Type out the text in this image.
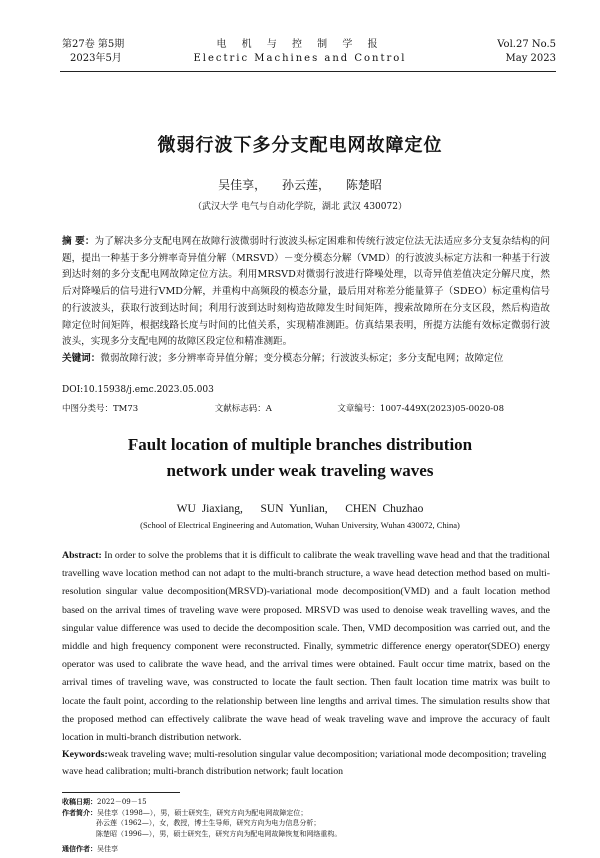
第27卷 第5期
2023年5月
电 机 与 控 制 学 报
Electric Machines and Control
Vol.27 No.5
May 2023
微弱行波下多分支配电网故障定位
吴佳享， 孙云莲， 陈楚昭
（武汉大学 电气与自动化学院，湖北 武汉 430072）
摘 要：为了解决多分支配电网在故障行波微弱时行波波头标定困难和传统行波定位法无法适应多分支复杂结构的问题，提出一种基于多分辨率奇异值分解（MRSVD）－变分模态分解（VMD）的行波波头标定方法和一种基于行波到达时刻的多分支配电网故障定位方法。利用MRSVD对微弱行波进行降噪处理，以奇异值差值决定分解尺度，然后对降噪后的信号进行VMD分解，并重构中高频段的模态分量，最后用对称差分能量算子（SDEO）标定重构信号的行波波头，获取行波到达时间；利用行波到达时刻构造故障发生时间矩阵，搜索故障所在分支区段，然后构造故障定位时间矩阵，根据线路长度与时间的比值关系，实现精准测距。仿真结果表明，所提方法能有效标定微弱行波波头，实现多分支配电网的故障区段定位和精准测距。
关键词：微弱故障行波；多分辨率奇异值分解；变分模态分解；行波波头标定；多分支配电网；故障定位
DOI:10.15938/j.emc.2023.05.003
中图分类号：TM73	文献标志码：A	文章编号：1007-449X(2023)05-0020-08
Fault location of multiple branches distribution network under weak traveling waves
WU Jiaxiang, SUN Yunlian, CHEN Chuzhao
(School of Electrical Engineering and Automation, Wuhan University, Wuhan 430072, China)
Abstract: In order to solve the problems that it is difficult to calibrate the weak travelling wave head and that the traditional travelling wave location method can not adapt to the multi-branch structure, a wave head detection method based on multi-resolution singular value decomposition(MRSVD)-variational mode decomposition(VMD) and a fault location method based on the arrival times of traveling wave were proposed. MRSVD was used to denoise weak travelling waves, and the singular value difference was used to decide the decomposition scale. Then, VMD decomposition was carried out, and the middle and high frequency component were reconstructed. Finally, symmetric difference energy operator(SDEO) energy operator was used to calibrate the wave head, and the arrival times were obtained. Fault occur time matrix, based on the arrival times of traveling wave, was constructed to locate the fault section. Then fault location time matrix was built to locate the fault point, according to the relationship between line lengths and arrival times. The simulation results show that the proposed method can effectively calibrate the wave head of weak traveling wave and improve the accuracy of fault location in multi-branch distribution network.
Keywords:weak traveling wave; multi-resolution singular value decomposition; variational mode decomposition; traveling wave head calibration; multi-branch distribution network; fault location
收稿日期：2022－09－15
作者简介：吴佳享（1998—），男，硕士研究生，研究方向为配电网故障定位；
孙云莲（1962—），女，教授，博士生导师，研究方向为电力信息分析；
陈楚昭（1996—），男，硕士研究生，研究方向为配电网故障恢复和网络重构。
通信作者：吴佳享
